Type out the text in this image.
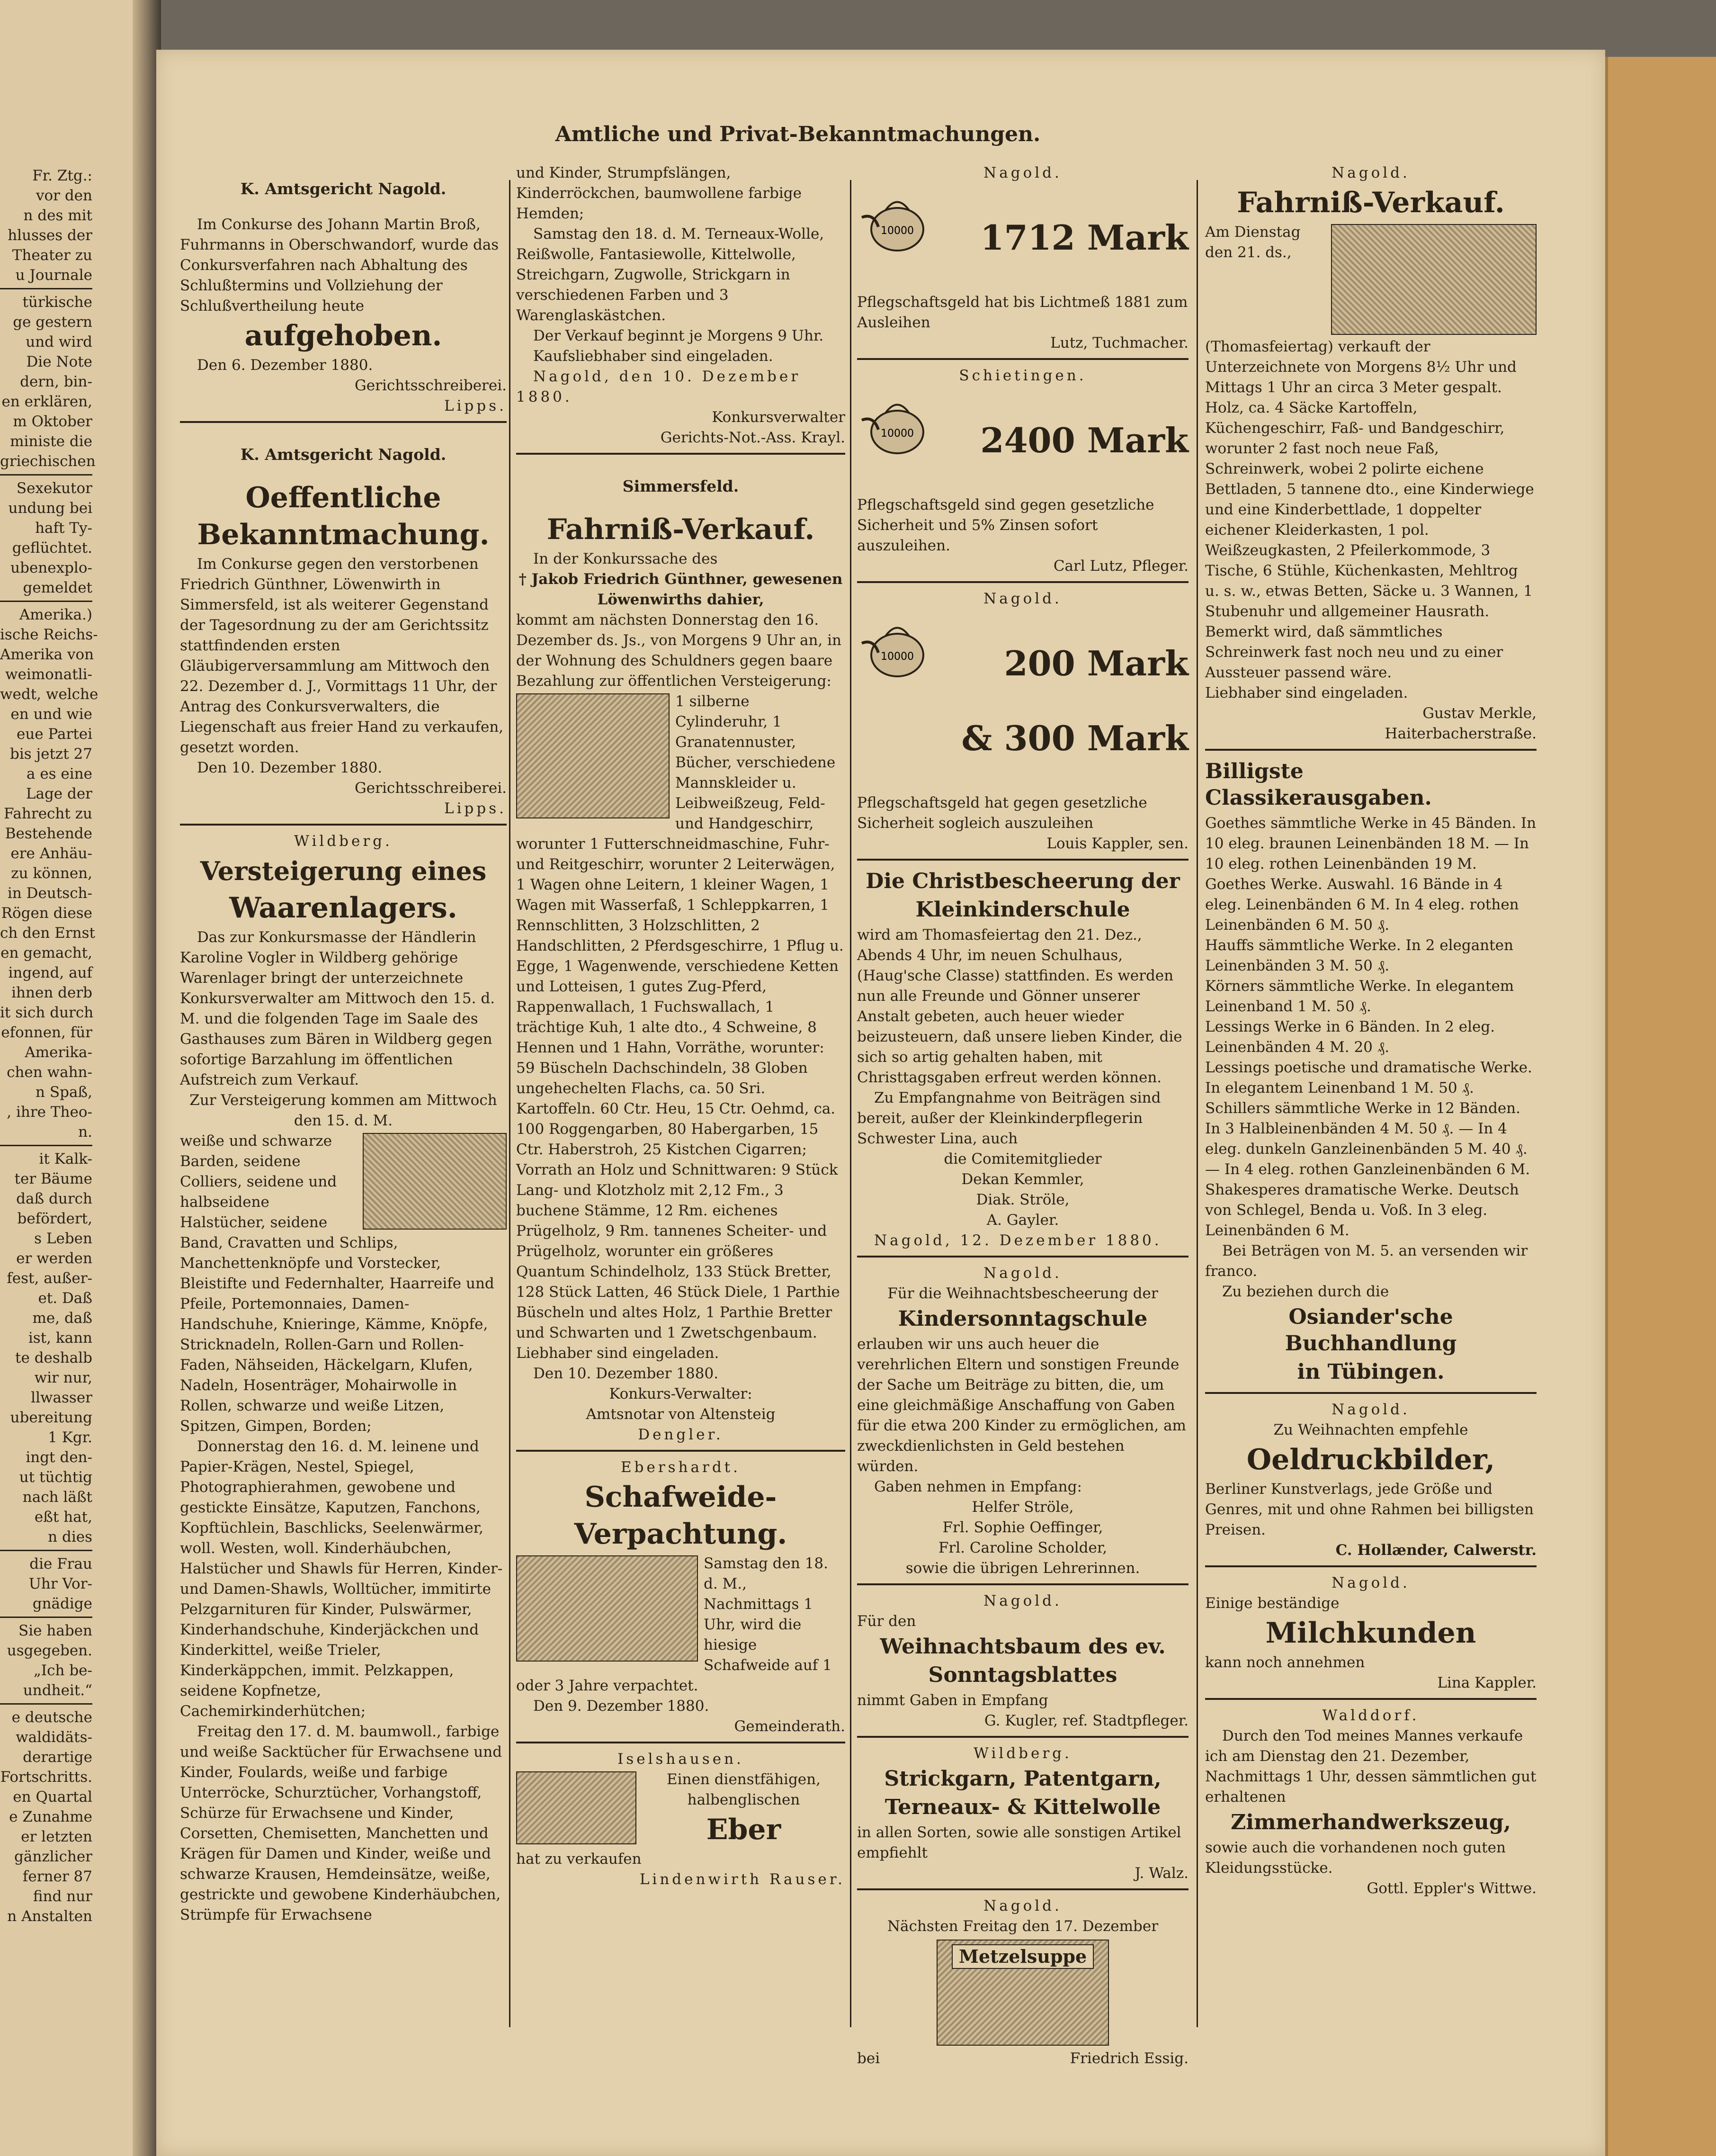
Fr. Ztg.:
vor den
n des mit
hlusses der
Theater zu
u Journale
türkische
ge gestern
und wird
Die Note
dern, bin-
en erklären,
m Oktober
ministe die
griechischen
Sexekutor
undung bei
haft Ty-
geflüchtet.
ubenexplo-
gemeldet
Amerika.)
ische Reichs-
Amerika von
weimonatli-
wedt, welche
en und wie
eue Partei
bis jetzt 27
a es eine
Lage der
Fahrecht zu
Bestehende
ere Anhäu-
zu können,
in Deutsch-
Rögen diese
ch den Ernst
en gemacht,
ingend, auf
ihnen derb
it sich durch
efonnen, für
Amerika-
chen wahn-
n Spaß,
, ihre Theo-
n.
it Kalk-
ter Bäume
daß durch
befördert,
s Leben
er werden
fest, außer-
et. Daß
me, daß
ist, kann
te deshalb
wir nur,
llwasser
ubereitung
1 Kgr.
ingt den-
ut tüchtig
nach läßt
eßt hat,
n dies
die Frau
Uhr Vor-
gnädige
Sie haben
usgegeben.
„Ich be-
undheit.“
e deutsche
waldidäts-
derartige
Fortschritts.
en Quartal
e Zunahme
er letzten
gänzlicher
ferner 87
find nur
n Anstalten
Amtliche und Privat-Bekanntmachungen.

K. Amtsgericht Nagold.

Im Conkurse des Johann Martin Broß, Fuhrmanns in Oberschwandorf, wurde das Conkursverfahren nach Abhaltung des Schlußtermins und Vollziehung der Schlußvertheilung heute

aufgehoben.

Den 6. Dezember 1880.

Gerichtsschreiberei.

Lipps.

K. Amtsgericht Nagold.

Oeffentliche

Bekanntmachung.

Im Conkurse gegen den verstorbenen Friedrich Günthner, Löwenwirth in Simmersfeld, ist als weiterer Gegenstand der Tagesordnung zu der am Gerichtssitz stattfindenden ersten Gläubigerversammlung am Mittwoch den 22. Dezember d. J., Vormittags 11 Uhr, der Antrag des Conkursverwalters, die Liegenschaft aus freier Hand zu verkaufen, gesetzt worden.

Den 10. Dezember 1880.

Gerichtsschreiberei.

Lipps.

Wildberg.

Versteigerung eines

Waarenlagers.

Das zur Konkursmasse der Händlerin Karoline Vogler in Wildberg gehörige Warenlager bringt der unterzeichnete Konkursverwalter am Mittwoch den 15. d. M. und die folgenden Tage im Saale des Gasthauses zum Bären in Wildberg gegen sofortige Barzahlung im öffentlichen Aufstreich zum Verkauf.

Zur Versteigerung kommen am Mittwoch den 15. d. M.

weiße und schwarze Barden, seidene Colliers, seidene und halbseidene Halstücher, seidene Band, Cravatten und Schlips, Manchettenknöpfe und Vorstecker, Bleistifte und Federnhalter, Haarreife und Pfeile, Portemonnaies, Damen-Handschuhe, Knieringe, Kämme, Knöpfe, Stricknadeln, Rollen-Garn und Rollen-Faden, Nähseiden, Häckelgarn, Klufen, Nadeln, Hosenträger, Mohairwolle in Rollen, schwarze und weiße Litzen, Spitzen, Gimpen, Borden;

Donnerstag den 16. d. M. leinene und Papier-Krägen, Nestel, Spiegel, Photographierahmen, gewobene und gestickte Einsätze, Kaputzen, Fanchons, Kopftüchlein, Baschlicks, Seelenwärmer, woll. Westen, woll. Kinderhäubchen, Halstücher und Shawls für Herren, Kinder- und Damen-Shawls, Wolltücher, immitirte Pelzgarnituren für Kinder, Pulswärmer, Kinderhandschuhe, Kinderjäckchen und Kinderkittel, weiße Trieler, Kinderkäppchen, immit. Pelzkappen, seidene Kopfnetze, Cachemirkinderhütchen;

Freitag den 17. d. M. baumwoll., farbige und weiße Sacktücher für Erwachsene und Kinder, Foulards, weiße und farbige Unterröcke, Schurztücher, Vorhangstoff, Schürze für Erwachsene und Kinder, Corsetten, Chemisetten, Manchetten und Krägen für Damen und Kinder, weiße und schwarze Krausen, Hemdeinsätze, weiße, gestrickte und gewobene Kinderhäubchen, Strümpfe für Erwachsene

und Kinder, Strumpfslängen, Kinderröckchen, baumwollene farbige Hemden;

Samstag den 18. d. M. Terneaux-Wolle, Reißwolle, Fantasiewolle, Kittelwolle, Streichgarn, Zugwolle, Strickgarn in verschiedenen Farben und 3 Warenglaskästchen.

Der Verkauf beginnt je Morgens 9 Uhr.

Kaufsliebhaber sind eingeladen.

Nagold, den 10. Dezember 1880.

Konkursverwalter

Gerichts-Not.-Ass. Krayl.

Simmersfeld.

Fahrniß-Verkauf.

In der Konkurssache des

† Jakob Friedrich Günthner, gewesenen Löwenwirths dahier,

kommt am nächsten Donnerstag den 16. Dezember ds. Js., von Morgens 9 Uhr an, in der Wohnung des Schuldners gegen baare Bezahlung zur öffentlichen Versteigerung:

1 silberne Cylinderuhr, 1 Granatennuster, Bücher, verschiedene Mannskleider u. Leibweißzeug, Feld- und Handgeschirr, worunter 1 Futterschneidmaschine, Fuhr- und Reitgeschirr, worunter 2 Leiterwägen, 1 Wagen ohne Leitern, 1 kleiner Wagen, 1 Wagen mit Wasserfaß, 1 Schleppkarren, 1 Rennschlitten, 3 Holzschlitten, 2 Handschlitten, 2 Pferdsgeschirre, 1 Pflug u. Egge, 1 Wagenwende, verschiedene Ketten und Lotteisen, 1 gutes Zug-Pferd, Rappenwallach, 1 Fuchswallach, 1 trächtige Kuh, 1 alte dto., 4 Schweine, 8 Hennen und 1 Hahn, Vorräthe, worunter: 59 Büscheln Dachschindeln, 38 Globen ungehechelten Flachs, ca. 50 Sri. Kartoffeln. 60 Ctr. Heu, 15 Ctr. Oehmd, ca. 100 Roggengarben, 80 Habergarben, 15 Ctr. Haberstroh, 25 Kistchen Cigarren; Vorrath an Holz und Schnittwaren: 9 Stück Lang- und Klotzholz mit 2,12 Fm., 3 buchene Stämme, 12 Rm. eichenes Prügelholz, 9 Rm. tannenes Scheiter- und Prügelholz, worunter ein größeres Quantum Schindelholz, 133 Stück Bretter, 128 Stück Latten, 46 Stück Diele, 1 Parthie Büscheln und altes Holz, 1 Parthie Bretter und Schwarten und 1 Zwetschgenbaum.

Liebhaber sind eingeladen.

Den 10. Dezember 1880.

Konkurs-Verwalter:

Amtsnotar von Altensteig

Dengler.

Ebershardt.

Schafweide-

Verpachtung.

Samstag den 18. d. M., Nachmittags 1 Uhr, wird die hiesige Schafweide auf 1 oder 3 Jahre verpachtet.

Den 9. Dezember 1880.

Gemeinderath.

Iselshausen.

Einen dienstfähigen, halbenglischen

Eber

hat zu verkaufen

Lindenwirth Rauser.

Nagold.

10000	1712 Mark

Pflegschaftsgeld hat bis Lichtmeß 1881 zum Ausleihen

Lutz, Tuchmacher.

Schietingen.

10000	2400 Mark

Pflegschaftsgeld sind gegen gesetzliche Sicherheit und 5% Zinsen sofort auszuleihen.

Carl Lutz, Pfleger.

Nagold.

10000	200 Mark

& 300 Mark

Pflegschaftsgeld hat gegen gesetzliche Sicherheit sogleich auszuleihen

Louis Kappler, sen.

Die Christbescheerung der

Kleinkinderschule

wird am Thomasfeiertag den 21. Dez., Abends 4 Uhr, im neuen Schulhaus, (Haug'sche Classe) stattfinden. Es werden nun alle Freunde und Gönner unserer Anstalt gebeten, auch heuer wieder beizusteuern, daß unsere lieben Kinder, die sich so artig gehalten haben, mit Christtagsgaben erfreut werden können.

Zu Empfangnahme von Beiträgen sind bereit, außer der Kleinkinderpflegerin Schwester Lina, auch

die Comitemitglieder

Dekan Kemmler,

Diak. Ströle,

A. Gayler.

Nagold, 12. Dezember 1880.

Nagold.

Für die Weihnachtsbescheerung der

Kindersonntagschule

erlauben wir uns auch heuer die verehrlichen Eltern und sonstigen Freunde der Sache um Beiträge zu bitten, die, um eine gleichmäßige Anschaffung von Gaben für die etwa 200 Kinder zu ermöglichen, am zweckdienlichsten in Geld bestehen würden.

Gaben nehmen in Empfang:

Helfer Ströle,

Frl. Sophie Oeffinger,

Frl. Caroline Scholder,

sowie die übrigen Lehrerinnen.

Nagold.

Für den

Weihnachtsbaum des ev.

Sonntagsblattes

nimmt Gaben in Empfang

G. Kugler, ref. Stadtpfleger.

Wildberg.

Strickgarn, Patentgarn,

Terneaux- & Kittelwolle

in allen Sorten, sowie alle sonstigen Artikel empfiehlt

J. Walz.

Nagold.

Nächsten Freitag den 17. Dezember

Metzelsuppe
bei	Friedrich Essig.

Nagold.

Fahrniß-Verkauf.

Am Dienstag den 21. ds., (Thomasfeiertag) verkauft der

Unterzeichnete von Morgens 8½ Uhr und Mittags 1 Uhr an circa 3 Meter gespalt. Holz, ca. 4 Säcke Kartoffeln, Küchengeschirr, Faß- und Bandgeschirr, worunter 2 fast noch neue Faß, Schreinwerk, wobei 2 polirte eichene Bettladen, 5 tannene dto., eine Kinderwiege und eine Kinderbettlade, 1 doppelter eichener Kleiderkasten, 1 pol. Weißzeugkasten, 2 Pfeilerkommode, 3 Tische, 6 Stühle, Küchenkasten, Mehltrog u. s. w., etwas Betten, Säcke u. 3 Wannen, 1 Stubenuhr und allgemeiner Hausrath. Bemerkt wird, daß sämmtliches Schreinwerk fast noch neu und zu einer Aussteuer passend wäre.

Liebhaber sind eingeladen.

Gustav Merkle,

Haiterbacherstraße.

Billigste Classikerausgaben.

Goethes sämmtliche Werke in 45 Bänden. In 10 eleg. braunen Leinenbänden 18 M. — In 10 eleg. rothen Leinenbänden 19 M.

Goethes Werke. Auswahl. 16 Bände in 4 eleg. Leinenbänden 6 M. In 4 eleg. rothen Leinenbänden 6 M. 50 ₰.

Hauffs sämmtliche Werke. In 2 eleganten Leinenbänden 3 M. 50 ₰.

Körners sämmtliche Werke. In elegantem Leinenband 1 M. 50 ₰.

Lessings Werke in 6 Bänden. In 2 eleg. Leinenbänden 4 M. 20 ₰.

Lessings poetische und dramatische Werke. In elegantem Leinenband 1 M. 50 ₰.

Schillers sämmtliche Werke in 12 Bänden. In 3 Halbleinenbänden 4 M. 50 ₰. — In 4 eleg. dunkeln Ganzleinenbänden 5 M. 40 ₰. — In 4 eleg. rothen Ganzleinenbänden 6 M.

Shakesperes dramatische Werke. Deutsch von Schlegel, Benda u. Voß. In 3 eleg. Leinenbänden 6 M.

Bei Beträgen von M. 5. an versenden wir franco.

Zu beziehen durch die

Osiander'sche Buchhandlung

in Tübingen.

Nagold.

Zu Weihnachten empfehle

Oeldruckbilder,

Berliner Kunstverlags, jede Größe und Genres, mit und ohne Rahmen bei billigsten Preisen.

C. Hollænder, Calwerstr.

Nagold.

Einige beständige

Milchkunden

kann noch annehmen

Lina Kappler.

Walddorf.

Durch den Tod meines Mannes verkaufe ich am Dienstag den 21. Dezember, Nachmittags 1 Uhr, dessen sämmtlichen gut erhaltenen

Zimmerhandwerkszeug,

sowie auch die vorhandenen noch guten Kleidungsstücke.

Gottl. Eppler's Wittwe.
